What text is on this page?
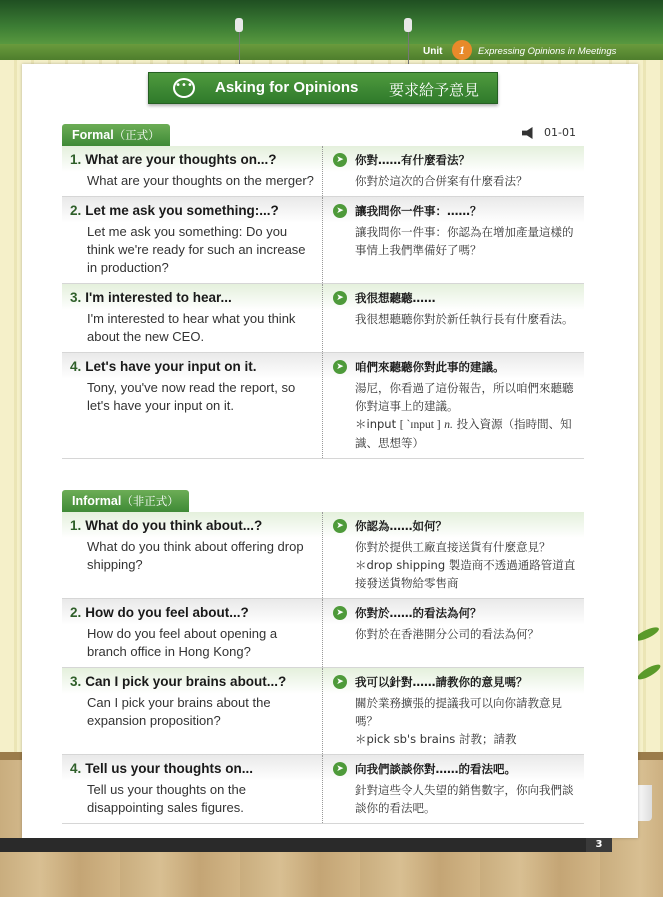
Unit	1	Expressing Opinions in Meetings
••• Asking for Opinions 要求給予意見
Formal（正式）	01-01
1. What are your thoughts on...?
What are your thoughts on the merger?
➤ 你對……有什麼看法？
你對於這次的合併案有什麼看法？
2. Let me ask you something:...?
Let me ask you something: Do you think we're ready for such an increase in production?
➤ 讓我問你一件事：……？
讓我問你一件事：你認為在增加產量這樣的事情上我們準備好了嗎？
3. I'm interested to hear...
I'm interested to hear what you think about the new CEO.
➤ 我很想聽聽……
我很想聽聽你對於新任執行長有什麼看法。
4. Let's have your input on it.
Tony, you've now read the report, so let's have your input on it.
➤ 咱們來聽聽你對此事的建議。
湯尼，你看過了這份報告，所以咱們來聽聽你對這事上的建議。
＊input [ ˋɪnput ] n. 投入資源（指時間、知識、思想等）
Informal（非正式）
1. What do you think about...?
What do you think about offering drop shipping?
➤ 你認為……如何？
你對於提供工廠直接送貨有什麼意見？
＊drop shipping 製造商不透過通路管道直接發送貨物給零售商
2. How do you feel about...?
How do you feel about opening a branch office in Hong Kong?
➤ 你對於……的看法為何？
你對於在香港開分公司的看法為何？
3. Can I pick your brains about...?
Can I pick your brains about the expansion proposition?
➤ 我可以針對……請教你的意見嗎？
關於業務擴張的提議我可以向你請教意見嗎？
＊pick sb's brains 討教；請教
4. Tell us your thoughts on...
Tell us your thoughts on the disappointing sales figures.
➤ 向我們談談你對……的看法吧。
針對這些令人失望的銷售數字，你向我們談談你的看法吧。
3
